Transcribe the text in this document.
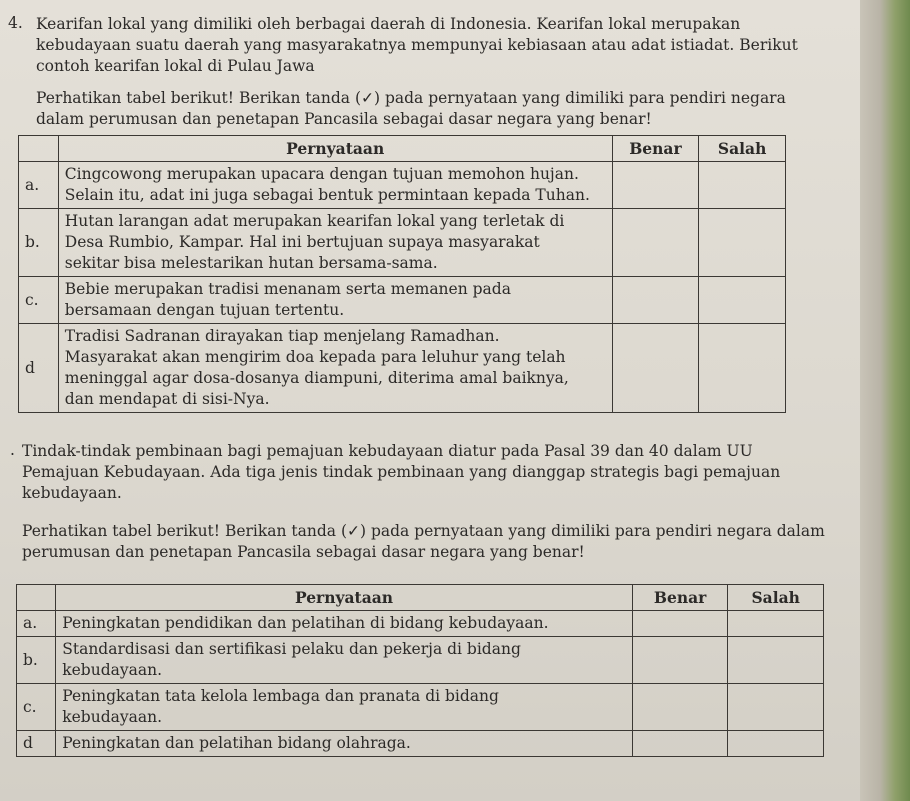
4. Kearifan lokal yang dimiliki oleh berbagai daerah di Indonesia. Kearifan lokal merupakan kebudayaan suatu daerah yang masyarakatnya mempunyai kebiasaan atau adat istiadat. Berikut contoh kearifan lokal di Pulau Jawa

Perhatikan tabel berikut! Berikan tanda (✓) pada pernyataan yang dimiliki para pendiri negara dalam perumusan dan penetapan Pancasila sebagai dasar negara yang benar!

	Pernyataan	Benar	Salah
a.	Cingcowong merupakan upacara dengan tujuan memohon hujan.
Selain itu, adat ini juga sebagai bentuk permintaan kepada Tuhan.		

b.	Hutan larangan adat merupakan kearifan lokal yang terletak di
Desa Rumbio, Kampar. Hal ini bertujuan supaya masyarakat
sekitar bisa melestarikan hutan bersama-sama.		

c.	Bebie merupakan tradisi menanam serta memanen pada
bersamaan dengan tujuan tertentu.		

d	Tradisi Sadranan dirayakan tiap menjelang Ramadhan.
Masyarakat akan mengirim doa kepada para leluhur yang telah
meninggal agar dosa-dosanya diampuni, diterima amal baiknya,
dan mendapat di sisi-Nya.		

. Tindak-tindak pembinaan bagi pemajuan kebudayaan diatur pada Pasal 39 dan 40 dalam UU Pemajuan Kebudayaan. Ada tiga jenis tindak pembinaan yang dianggap strategis bagi pemajuan kebudayaan.

Perhatikan tabel berikut! Berikan tanda (✓) pada pernyataan yang dimiliki para pendiri negara dalam perumusan dan penetapan Pancasila sebagai dasar negara yang benar!

	Pernyataan	Benar	Salah
a.	Peningkatan pendidikan dan pelatihan di bidang kebudayaan.		

b.	Standardisasi dan sertifikasi pelaku dan pekerja di bidang
kebudayaan.		

c.	Peningkatan tata kelola lembaga dan pranata di bidang
kebudayaan.		

d	Peningkatan dan pelatihan bidang olahraga.		
